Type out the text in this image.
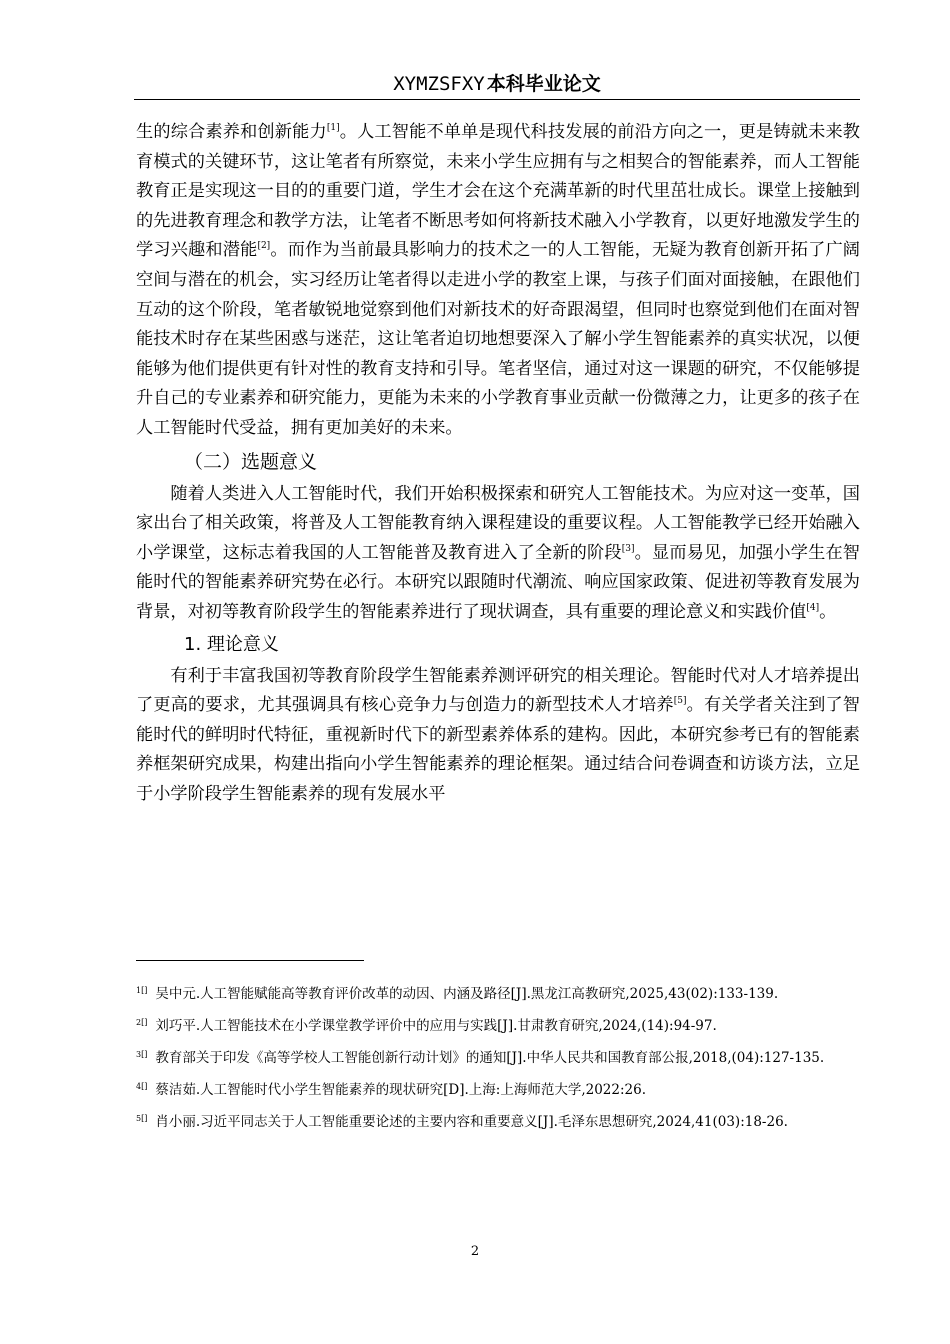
XYMZSFXY 本科毕业论文

生的综合素养和创新能力[1]。人工智能不单单是现代科技发展的前沿方向之一，更是铸就未来教育模式的关键环节，这让笔者有所察觉，未来小学生应拥有与之相契合的智能素养，而人工智能教育正是实现这一目的的重要门道，学生才会在这个充满革新的时代里茁壮成长。课堂上接触到的先进教育理念和教学方法，让笔者不断思考如何将新技术融入小学教育，以更好地激发学生的学习兴趣和潜能[2]。而作为当前最具影响力的技术之一的人工智能，无疑为教育创新开拓了广阔空间与潜在的机会，实习经历让笔者得以走进小学的教室上课，与孩子们面对面接触，在跟他们互动的这个阶段，笔者敏锐地觉察到他们对新技术的好奇跟渴望，但同时也察觉到他们在面对智能技术时存在某些困惑与迷茫，这让笔者迫切地想要深入了解小学生智能素养的真实状况，以便能够为他们提供更有针对性的教育支持和引导。笔者坚信，通过对这一课题的研究，不仅能够提升自己的专业素养和研究能力，更能为未来的小学教育事业贡献一份微薄之力，让更多的孩子在人工智能时代受益，拥有更加美好的未来。

（二）选题意义

随着人类进入人工智能时代，我们开始积极探索和研究人工智能技术。为应对这一变革，国家出台了相关政策，将普及人工智能教育纳入课程建设的重要议程。人工智能教学已经开始融入小学课堂，这标志着我国的人工智能普及教育进入了全新的阶段[3]。显而易见，加强小学生在智能时代的智能素养研究势在必行。本研究以跟随时代潮流、响应国家政策、促进初等教育发展为背景，对初等教育阶段学生的智能素养进行了现状调查，具有重要的理论意义和实践价值[4]。

1. 理论意义

有利于丰富我国初等教育阶段学生智能素养测评研究的相关理论。智能时代对人才培养提出了更高的要求，尤其强调具有核心竞争力与创造力的新型技术人才培养[5]。有关学者关注到了智能时代的鲜明时代特征，重视新时代下的新型素养体系的建构。因此，本研究参考已有的智能素养框架研究成果，构建出指向小学生智能素养的理论框架。通过结合问卷调查和访谈方法，立足于小学阶段学生智能素养的现有发展水平

$^{1[]}$ 吴中元.人工智能赋能高等教育评价改革的动因、内涵及路径[J].黑龙江高教研究,2025,43(02):133-139.

$^{2[]}$ 刘巧平.人工智能技术在小学课堂教学评价中的应用与实践[J].甘肃教育研究,2024,(14):94-97.

$^{3[]}$ 教育部关于印发《高等学校人工智能创新行动计划》的通知[J].中华人民共和国教育部公报,2018,(04):127-135.

$^{4[]}$ 蔡洁茹.人工智能时代小学生智能素养的现状研究[D].上海:上海师范大学,2022:26.

$^{5[]}$ 肖小丽.习近平同志关于人工智能重要论述的主要内容和重要意义[J].毛泽东思想研究,2024,41(03):18-26.

2
